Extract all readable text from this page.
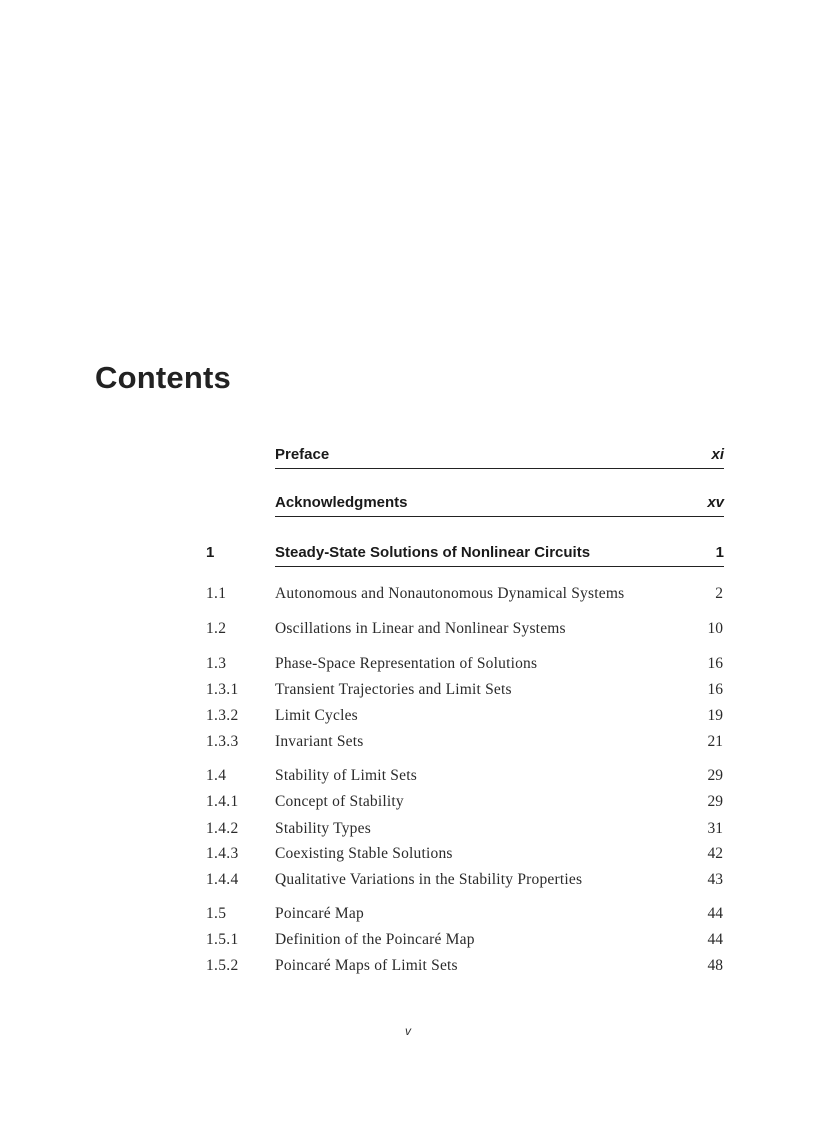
Contents
Preface	xi
Acknowledgments	xv
1	Steady-State Solutions of Nonlinear Circuits	1
1.1	Autonomous and Nonautonomous Dynamical Systems	2
1.2	Oscillations in Linear and Nonlinear Systems	10
1.3	Phase-Space Representation of Solutions	16
1.3.1 Transient Trajectories and Limit Sets	16
1.3.2 Limit Cycles	19
1.3.3 Invariant Sets	21
1.4	Stability of Limit Sets	29
1.4.1 Concept of Stability	29
1.4.2 Stability Types	31
1.4.3 Coexisting Stable Solutions	42
1.4.4 Qualitative Variations in the Stability Properties	43
1.5	Poincaré Map	44
1.5.1 Definition of the Poincaré Map	44
1.5.2 Poincaré Maps of Limit Sets	48
v
